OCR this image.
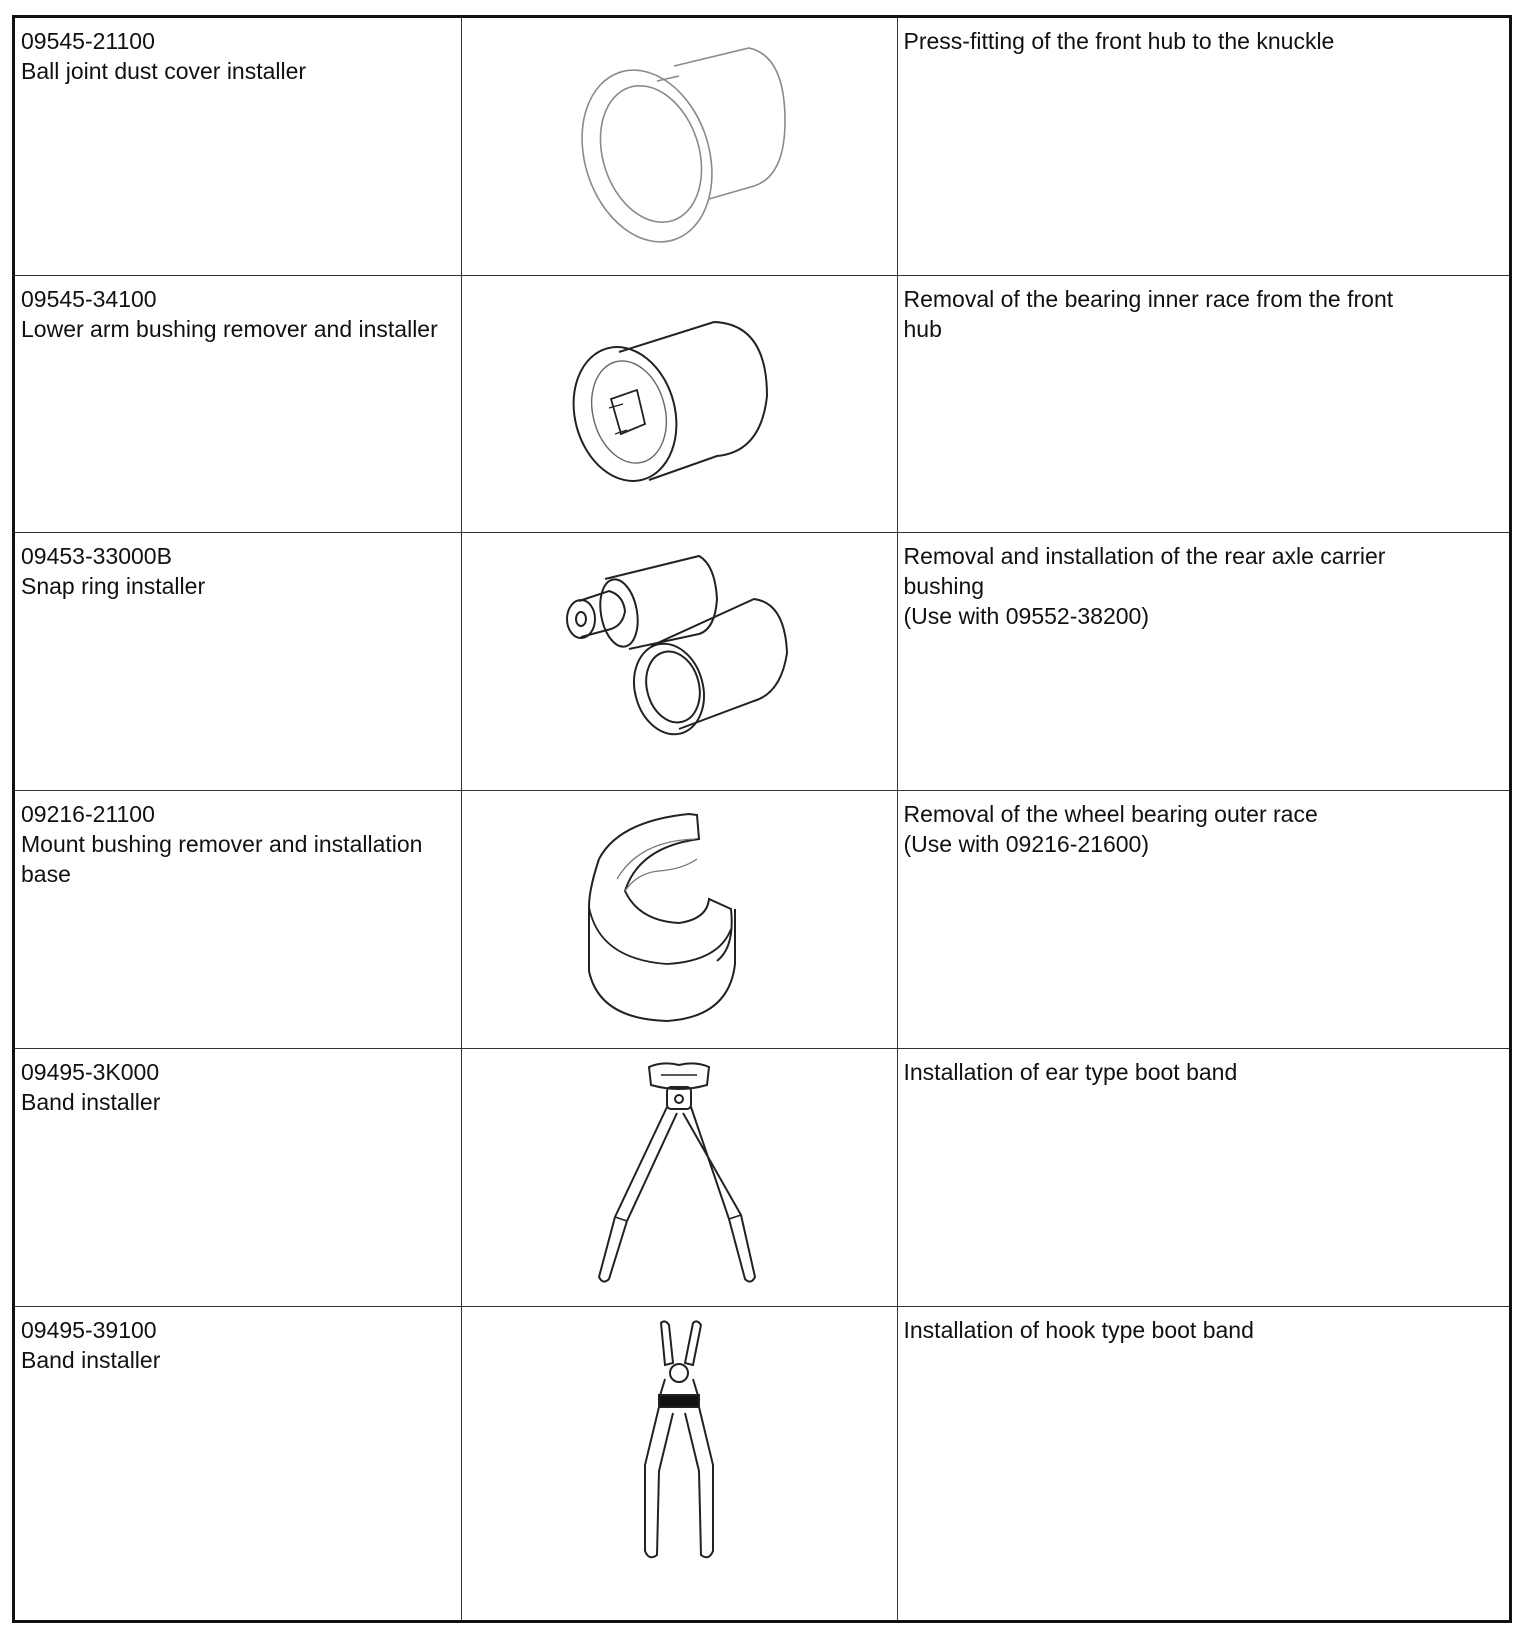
09545-21100
Ball joint dust cover installer		Press-fitting of the front hub to the knuckle

09545-34100
Lower arm bushing remover and installer		Removal of the bearing inner race from the front
hub

09453-33000B
Snap ring installer		Removal and installation of the rear axle carrier
bushing
(Use with 09552-38200)

09216-21100
Mount bushing remover and installation
base		Removal of the wheel bearing outer race
(Use with 09216-21600)

09495-3K000
Band installer		Installation of ear type boot band

09495-39100
Band installer		Installation of hook type boot band
